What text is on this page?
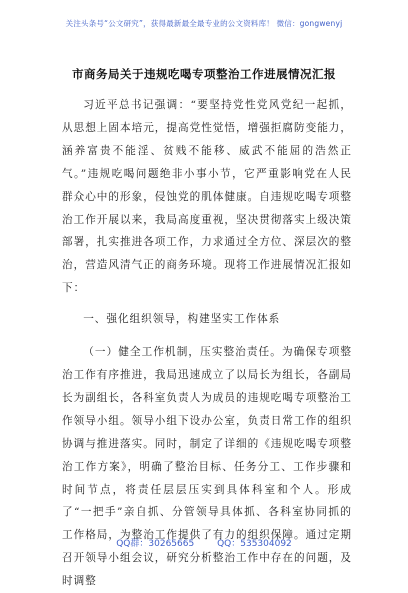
关注头条号“公文研究”，获得最新最全最专业的公文资料库！ 微信：gongwenyj
市商务局关于违规吃喝专项整治工作进展情况汇报

习近平总书记强调：“要坚持党性党风党纪一起抓，从思想上固本培元，提高党性觉悟，增强拒腐防变能力，涵养富贵不能淫、贫贱不能移、威武不能屈的浩然正气。”违规吃喝问题绝非小事小节，它严重影响党在人民群众心中的形象，侵蚀党的肌体健康。自违规吃喝专项整治工作开展以来，我局高度重视，坚决贯彻落实上级决策部署，扎实推进各项工作，力求通过全方位、深层次的整治，营造风清气正的商务环境。现将工作进展情况汇报如下：

一、强化组织领导，构建坚实工作体系

（一）健全工作机制，压实整治责任。为确保专项整治工作有序推进，我局迅速成立了以局长为组长，各副局长为副组长，各科室负责人为成员的违规吃喝专项整治工作领导小组。领导小组下设办公室，负责日常工作的组织协调与推进落实。同时，制定了详细的《违规吃喝专项整治工作方案》，明确了整治目标、任务分工、工作步骤和时间节点，将责任层层压实到具体科室和个人。形成了“一把手”亲自抓、分管领导具体抓、各科室协同抓的工作格局，为整治工作提供了有力的组织保障。通过定期召开领导小组会议，研究分析整治工作中存在的问题，及时调整

QQ群：30265665	QQ：535304092
